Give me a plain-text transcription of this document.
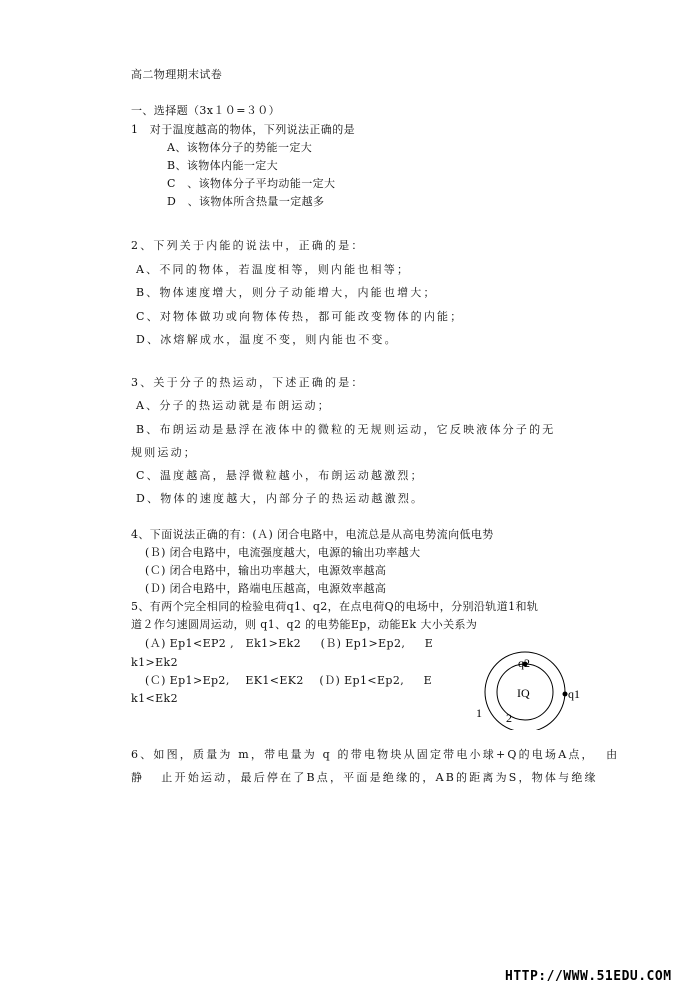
高二物理期末试卷
一、选择题（3x１０=３０）
1　对于温度越高的物体，下列说法正确的是
A、该物体分子的势能一定大
B、该物体内能一定大
C　、该物体分子平均动能一定大
D　、该物体所含热量一定越多
2、下列关于内能的说法中，正确的是：
A、不同的物体，若温度相等，则内能也相等；
B、物体速度增大，则分子动能增大，内能也增大；
C、对物体做功或向物体传热，都可能改变物体的内能；
D、冰熔解成水，温度不变，则内能也不变。
3、关于分子的热运动，下述正确的是：
A、分子的热运动就是布朗运动；
B、布朗运动是悬浮在液体中的微粒的无规则运动，它反映液体分子的无
规则运动；
C、温度越高，悬浮微粒越小，布朗运动越激烈；
D、物体的速度越大，内部分子的热运动越激烈。
4、下面说法正确的有：(Ａ) 闭合电路中，电流总是从高电势流向低电势
(Ｂ) 闭合电路中，电流强度越大，电源的输出功率越大
(Ｃ) 闭合电路中，输出功率越大，电源效率越高
(Ｄ) 闭合电路中，路端电压越高，电源效率越高
5、有两个完全相同的检验电荷q1、q2，在点电荷Q的电场中，分别沿轨道1和轨
道２作匀速圆周运动，则 q1、q2 的电势能Ep，动能Ek 大小关系为
(Ａ) Ep1<EP2 ,   Ek1>Ek2     (Ｂ) Ep1>Ep2,     E
k1>Ek2
(Ｃ) Ep1>Ep2,    EK1<EK2    (Ｄ) Ep1<Ep2,     E
k1<Ek2
q2
q1
IQ
1 2
6、如图，质量为 m，带电量为 q 的带电物块从固定带电小球+Q的电场A点，  由
静   止开始运动，最后停在了B点，平面是绝缘的，AB的距离为S，物体与绝缘
HTTP://WWW.51EDU.COM
